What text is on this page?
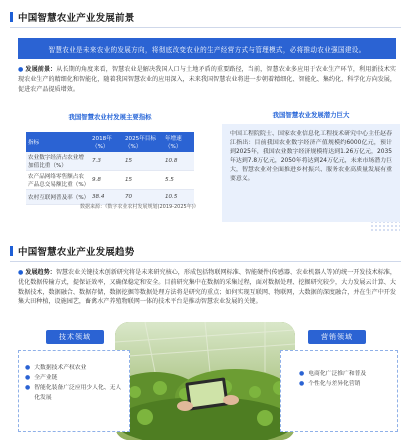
中国智慧农业产业发展前景
智慧农业是未来农业的发展方向，将彻底改变农业的生产经营方式与管理模式，必将推动农业强国建设。
● 发展前景：从长期的角度来看，智慧农业是解决我国人口与土地矛盾的重要路径，当前，智慧农业多应用于农业生产环节，利用新技术实现农业生产的精细化和智能化，随着我国智慧农业的应用深入，未来我国智慧农业将进一步朝着精细化、智能化、集约化、科学化方向发展，促进农产品提质增效。
我国智慧农业村发展主要指标
指标	2018年（%）	2025年目标（%）	年增速（%）
农业数字经济占农业增加值比重（%）	7.3	15	10.8
农产品网络零售额占农产品总交易额比重（%）	9.8	15	5.5
农村互联网普及率（%）	38.4	70	10.5
数据来源：《数字农业农村发展规划(2019-2025年)》
我国智慧农业发展潜力巨大
中国工程院院士、国家农业信息化工程技术研究中心主任赵春江指出：目前我国农业数字经济产值规模约6000亿元，预计到2025年，我国农业数字经济规模将达到1.26万亿元，2035年达到7.8万亿元，2050年将达到24万亿元，未来市场潜力巨大，智慧农业对全面推进乡村振兴、服务农业高质量发展有重要意义。
中国智慧农业产业发展趋势
● 发展趋势：智慧农业关键技术创新研究将是未来研究核心，形成包括物联网标准、智能硬件(传感器、农业机器人等)的统一开发技术标准，优化数据传输方式，提保证效率，又确保稳定和安全。目前研究集中在数据的采集过程，面对数据处理、挖掘研究较少，大力发展云计算、大数据技术，数据融合、数据存储，数据挖掘等数据处理方法将是研究的重点；如何实现互联网、物联网，大数据的深度融合，并在生产中开发集大田种植，设施园艺，畜禽水产养殖物联网一体的技术平台是推动智慧农业发展的关键。
● 大数据技术产权农业
● 全产业链
● 智能化装备广泛应用少人化、无人化发展
技术领域
● 电商化广泛推广和普及
● 个性化与差异化营销
营销领域
